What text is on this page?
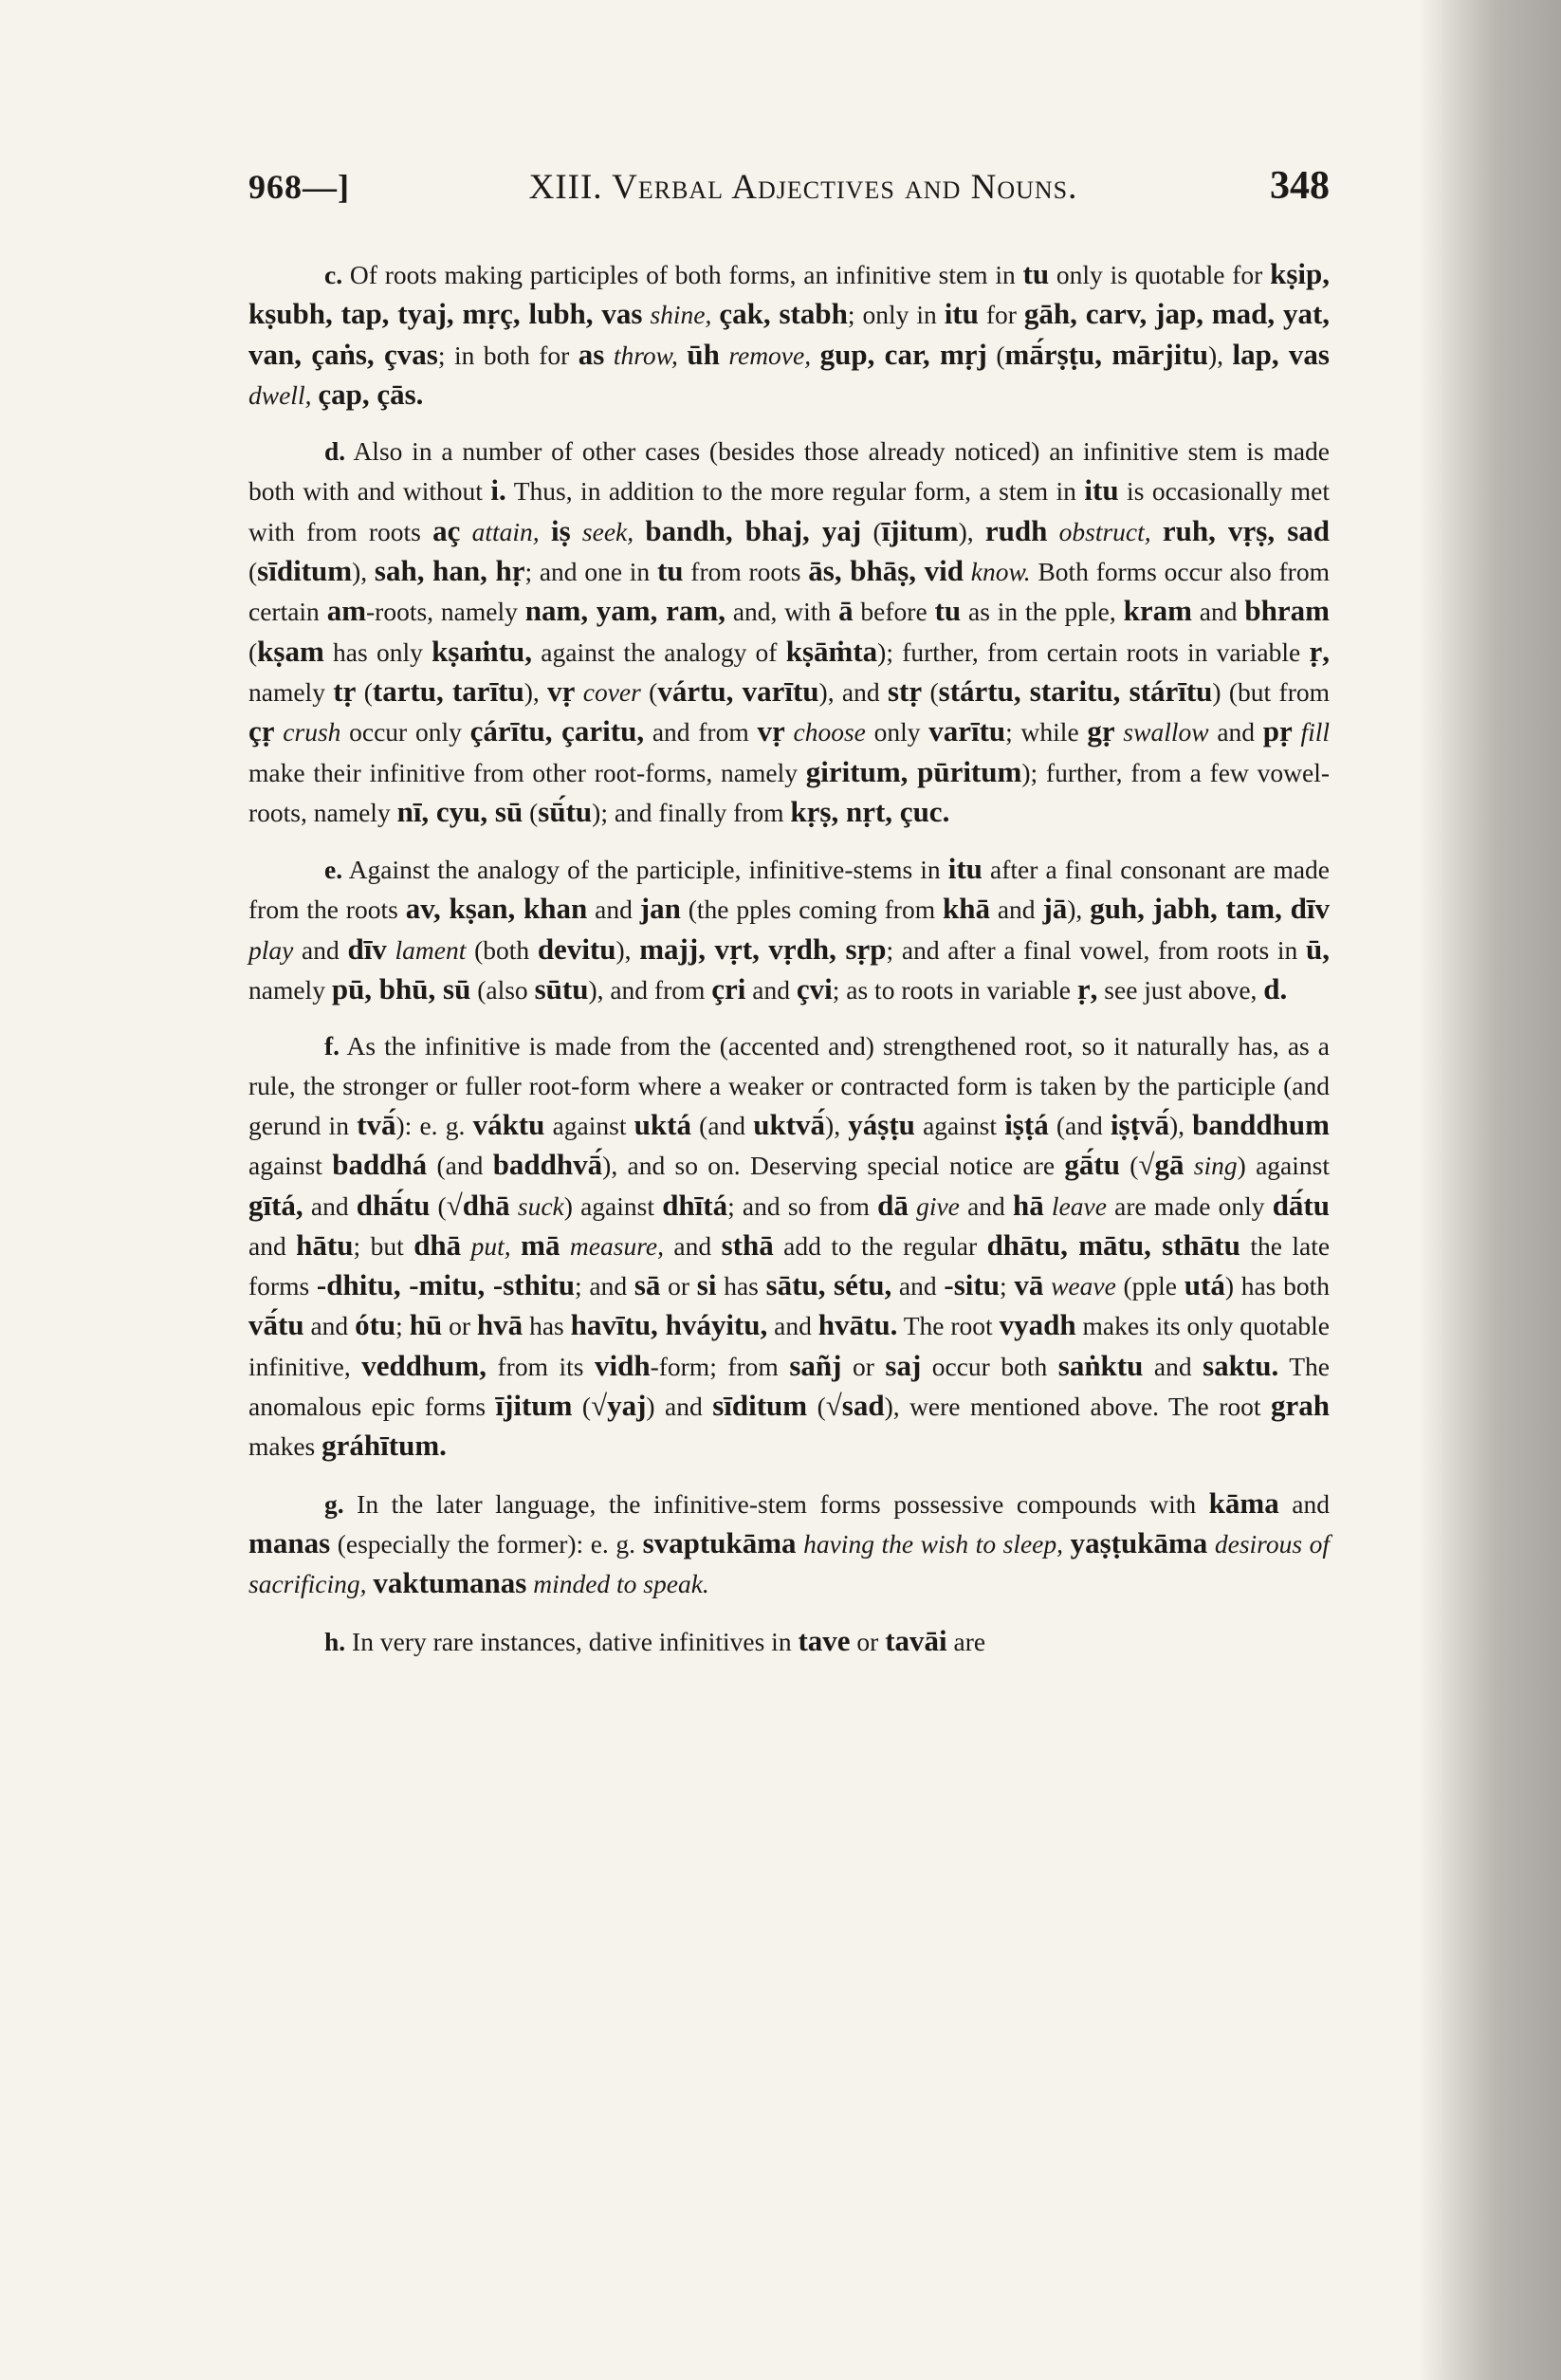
968—]	XIII. Verbal Adjectives and Nouns.	348

c. Of roots making participles of both forms, an infinitive stem in tu only is quotable for kṣip, kṣubh, tap, tyaj, mṛç, lubh, vas shine, çak, stabh; only in itu for gāh, carv, jap, mad, yat, van, çaṅs, çvas; in both for as throw, ūh remove, gup, car, mṛj (mā́rṣṭu, mārjitu), lap, vas dwell, çap, çās.

d. Also in a number of other cases (besides those already noticed) an infinitive stem is made both with and without i. Thus, in addition to the more regular form, a stem in itu is occasionally met with from roots aç attain, iṣ seek, bandh, bhaj, yaj (ījitum), rudh obstruct, ruh, vṛṣ, sad (sīditum), sah, han, hṛ; and one in tu from roots ās, bhāṣ, vid know. Both forms occur also from certain am-roots, namely nam, yam, ram, and, with ā before tu as in the pple, kram and bhram (kṣam has only kṣaṁtu, against the analogy of kṣāṁta); further, from certain roots in variable ṛ, namely tṛ (tartu, tarītu), vṛ cover (vártu, varītu), and stṛ (stártu, staritu, stárītu) (but from çṛ crush occur only çárītu, çaritu, and from vṛ choose only varītu; while gṛ swallow and pṛ fill make their infinitive from other root-forms, namely giritum, pūritum); further, from a few vowel-roots, namely nī, cyu, sū (sū́tu); and finally from kṛṣ, nṛt, çuc.

e. Against the analogy of the participle, infinitive-stems in itu after a final consonant are made from the roots av, kṣan, khan and jan (the pples coming from khā and jā), guh, jabh, tam, dīv play and dīv lament (both devitu), majj, vṛt, vṛdh, sṛp; and after a final vowel, from roots in ū, namely pū, bhū, sū (also sūtu), and from çri and çvi; as to roots in variable ṛ, see just above, d.

f. As the infinitive is made from the (accented and) strengthened root, so it naturally has, as a rule, the stronger or fuller root-form where a weaker or contracted form is taken by the participle (and gerund in tvā́): e. g. váktu against uktá (and uktvā́), yáṣṭu against iṣṭá (and iṣṭvā́), banddhum against baddhá (and baddhvā́), and so on. Deserving special notice are gā́tu (√gā sing) against gītá, and dhā́tu (√dhā suck) against dhītá; and so from dā give and hā leave are made only dā́tu and hātu; but dhā put, mā measure, and sthā add to the regular dhātu, mātu, sthātu the late forms -dhitu, -mitu, -sthitu; and sā or si has sātu, sétu, and -situ; vā weave (pple utá) has both vā́tu and ótu; hū or hvā has havītu, hváyitu, and hvātu. The root vyadh makes its only quotable infinitive, veddhum, from its vidh-form; from sañj or saj occur both saṅktu and saktu. The anomalous epic forms ījitum (√yaj) and sīditum (√sad), were mentioned above. The root grah makes gráhītum.

g. In the later language, the infinitive-stem forms possessive compounds with kāma and manas (especially the former): e. g. svaptukāma having the wish to sleep, yaṣṭukāma desirous of sacrificing, vaktumanas minded to speak.

h. In very rare instances, dative infinitives in tave or tavāi are
